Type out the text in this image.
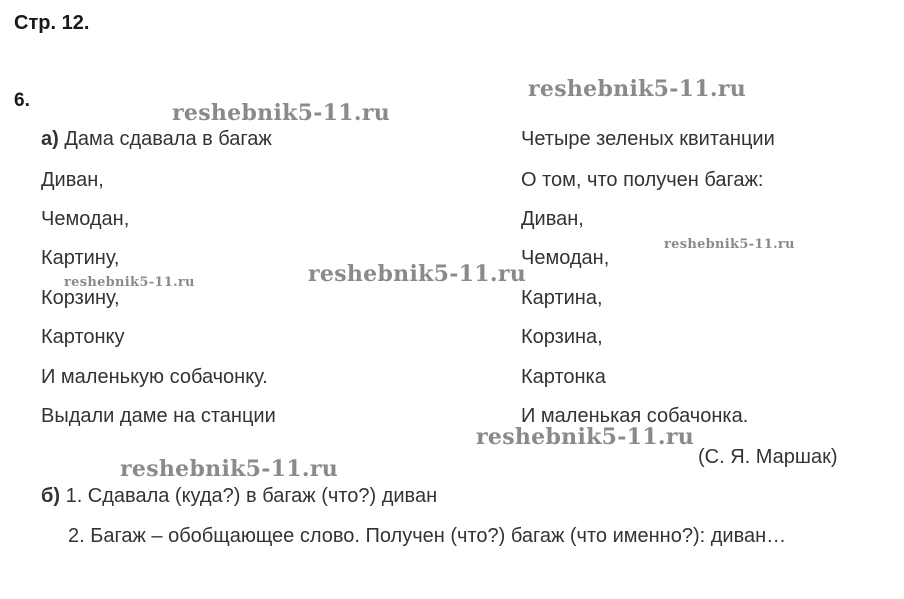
Стр. 12.
6.	reshebnik5-11.ru
reshebnik5-11.ru
reshebnik5-11.ru
reshebnik5-11.ru
reshebnik5-11.ru
reshebnik5-11.ru
reshebnik5-11.ru
а) Дама сдавала в багаж
Диван,
Чемодан,
Картину,
Корзину,
Картонку
И маленькую собачонку.
Выдали даме на станции
Четыре зеленых квитанции
О том, что получен багаж:
Диван,
Чемодан,
Картина,
Корзина,
Картонка
И маленькая собачонка.
(С. Я. Маршак)
б) 1. Сдавала (куда?) в багаж (что?) диван
2. Багаж – обобщающее слово. Получен (что?) багаж (что именно?): диван…
